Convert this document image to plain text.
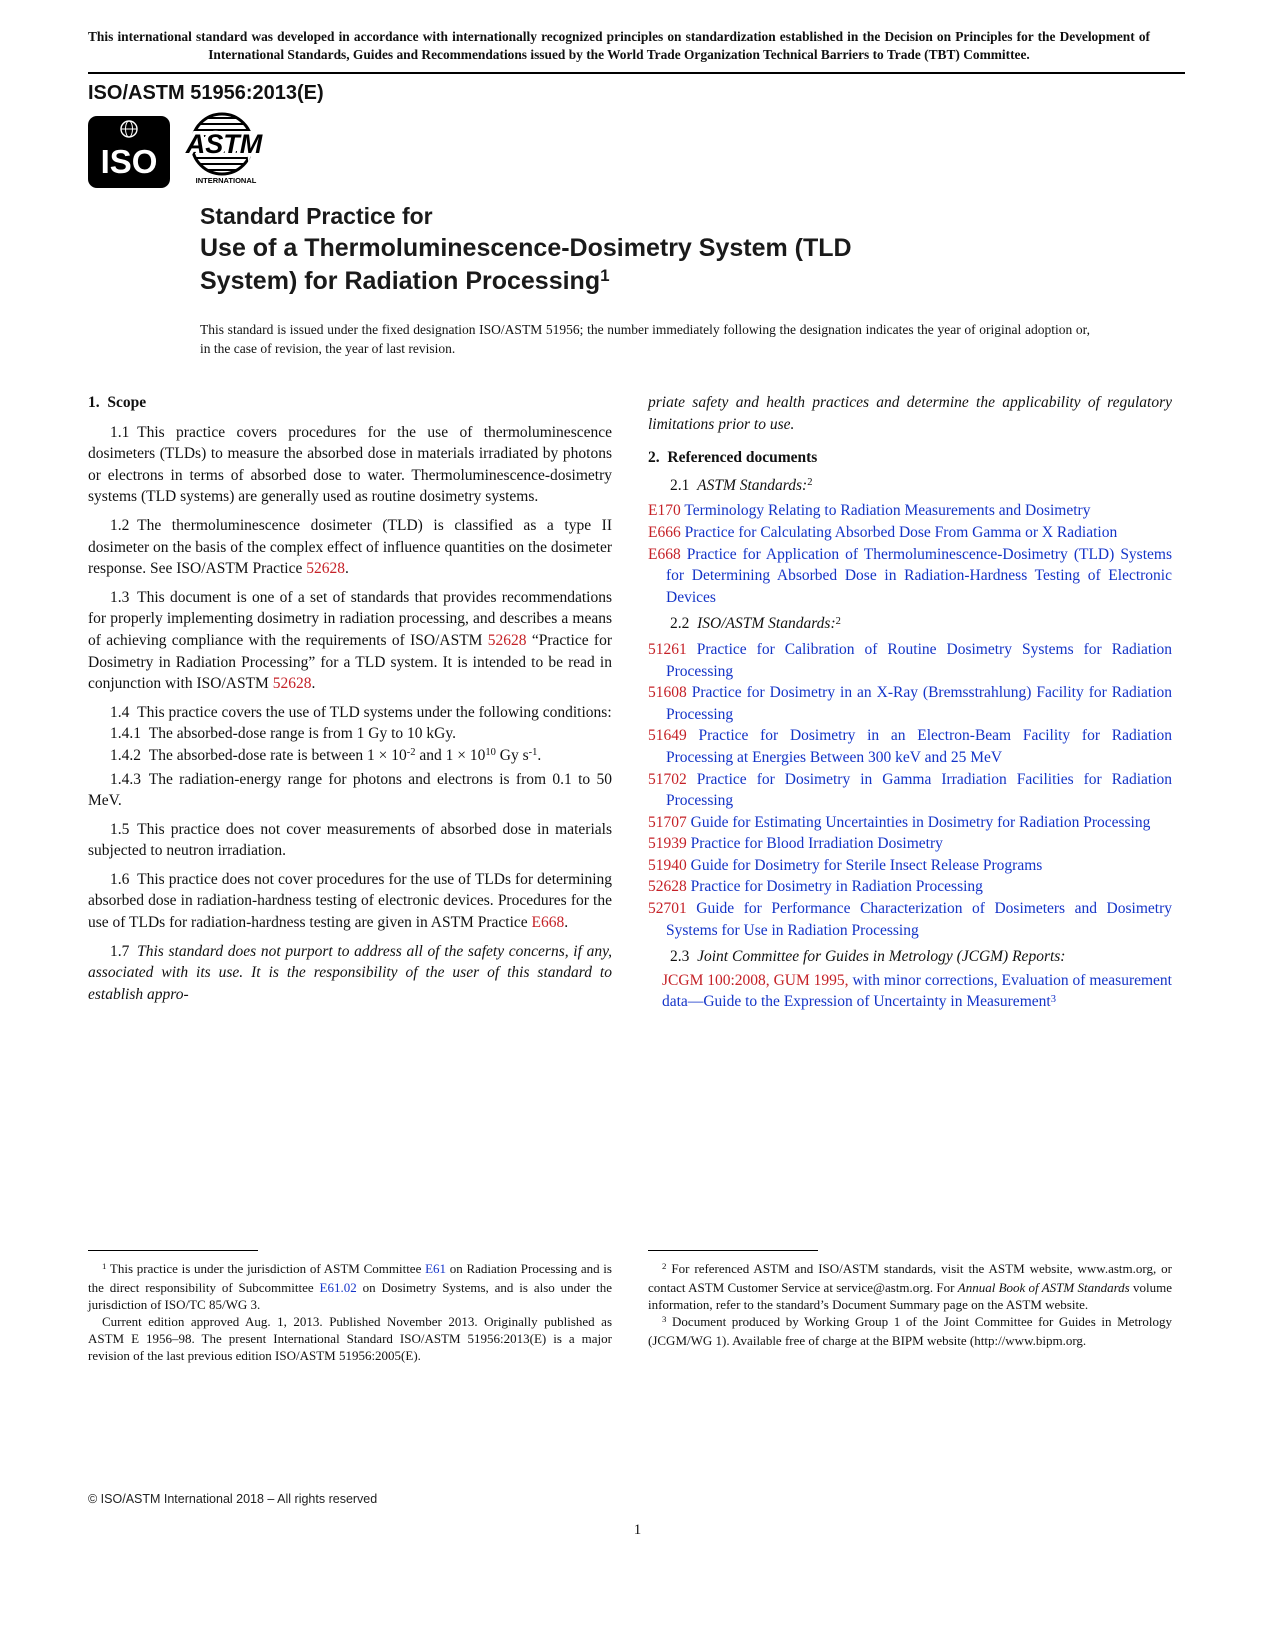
This international standard was developed in accordance with internationally recognized principles on standardization established in the Decision on Principles for the Development of International Standards, Guides and Recommendations issued by the World Trade Organization Technical Barriers to Trade (TBT) Committee.
ISO/ASTM 51956:2013(E)
ISO ASTM
INTERNATIONAL
Standard Practice for
Use of a Thermoluminescence-Dosimetry System (TLD System) for Radiation Processing$^1$
This standard is issued under the fixed designation ISO/ASTM 51956; the number immediately following the designation indicates the year of original adoption or, in the case of revision, the year of last revision.

1. Scope

1.1 This practice covers procedures for the use of thermoluminescence dosimeters (TLDs) to measure the absorbed dose in materials irradiated by photons or electrons in terms of absorbed dose to water. Thermoluminescence-dosimetry systems (TLD systems) are generally used as routine dosimetry systems.

1.2 The thermoluminescence dosimeter (TLD) is classified as a type II dosimeter on the basis of the complex effect of influence quantities on the dosimeter response. See ISO/ASTM Practice 52628.

1.3 This document is one of a set of standards that provides recommendations for properly implementing dosimetry in radiation processing, and describes a means of achieving compliance with the requirements of ISO/ASTM 52628 “Practice for Dosimetry in Radiation Processing” for a TLD system. It is intended to be read in conjunction with ISO/ASTM 52628.

1.4 This practice covers the use of TLD systems under the following conditions:

1.4.1 The absorbed-dose range is from 1 Gy to 10 kGy.

1.4.2 The absorbed-dose rate is between $1 \times 10^{-2}$ and $1 \times 10^{10}$ Gy $s^{-1}$.

1.4.3 The radiation-energy range for photons and electrons is from 0.1 to 50 MeV.

1.5 This practice does not cover measurements of absorbed dose in materials subjected to neutron irradiation.

1.6 This practice does not cover procedures for the use of TLDs for determining absorbed dose in radiation-hardness testing of electronic devices. Procedures for the use of TLDs for radiation-hardness testing are given in ASTM Practice E668.

1.7 This standard does not purport to address all of the safety concerns, if any, associated with its use. It is the responsibility of the user of this standard to establish appro-

priate safety and health practices and determine the applicability of regulatory limitations prior to use.

2. Referenced documents

2.1 ASTM Standards:$^2$

E170 Terminology Relating to Radiation Measurements and Dosimetry

E666 Practice for Calculating Absorbed Dose From Gamma or X Radiation

E668 Practice for Application of Thermoluminescence-Dosimetry (TLD) Systems for Determining Absorbed Dose in Radiation-Hardness Testing of Electronic Devices

2.2 ISO/ASTM Standards:$^2$

51261 Practice for Calibration of Routine Dosimetry Systems for Radiation Processing

51608 Practice for Dosimetry in an X-Ray (Bremsstrahlung) Facility for Radiation Processing

51649 Practice for Dosimetry in an Electron-Beam Facility for Radiation Processing at Energies Between 300 keV and 25 MeV

51702 Practice for Dosimetry in Gamma Irradiation Facilities for Radiation Processing

51707 Guide for Estimating Uncertainties in Dosimetry for Radiation Processing

51939 Practice for Blood Irradiation Dosimetry

51940 Guide for Dosimetry for Sterile Insect Release Programs

52628 Practice for Dosimetry in Radiation Processing

52701 Guide for Performance Characterization of Dosimeters and Dosimetry Systems for Use in Radiation Processing

2.3 Joint Committee for Guides in Metrology (JCGM) Reports:

JCGM 100:2008, GUM 1995, with minor corrections, Evaluation of measurement data—Guide to the Expression of Uncertainty in Measurement$^3$

$^1$ This practice is under the jurisdiction of ASTM Committee E61 on Radiation Processing and is the direct responsibility of Subcommittee E61.02 on Dosimetry Systems, and is also under the jurisdiction of ISO/TC 85/WG 3.

Current edition approved Aug. 1, 2013. Published November 2013. Originally published as ASTM E 1956–98. The present International Standard ISO/ASTM 51956:2013(E) is a major revision of the last previous edition ISO/ASTM 51956:2005(E).

$^2$ For referenced ASTM and ISO/ASTM standards, visit the ASTM website, www.astm.org, or contact ASTM Customer Service at service@astm.org. For Annual Book of ASTM Standards volume information, refer to the standard’s Document Summary page on the ASTM website.

$^3$ Document produced by Working Group 1 of the Joint Committee for Guides in Metrology (JCGM/WG 1). Available free of charge at the BIPM website (http://www.bipm.org.

© ISO/ASTM International 2018 – All rights reserved
1
